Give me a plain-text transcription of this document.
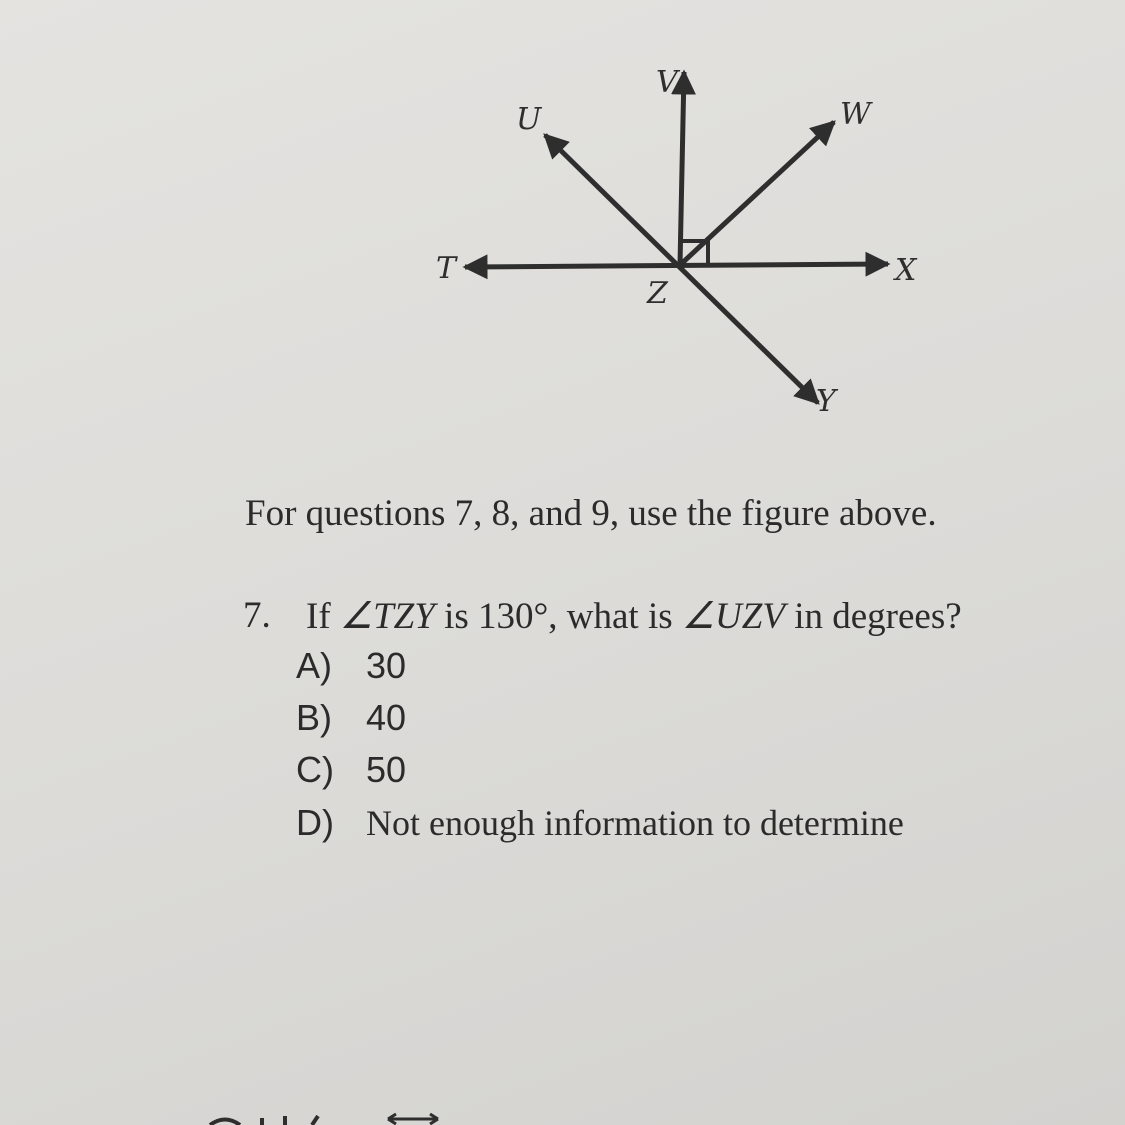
V
U	W
T
Z
X
Y
For questions 7, 8, and 9, use the figure above.
7. If ∠TZY is 130°, what is ∠UZV in degrees?
A) 30
B) 40
C) 50
D) Not enough information to determine
